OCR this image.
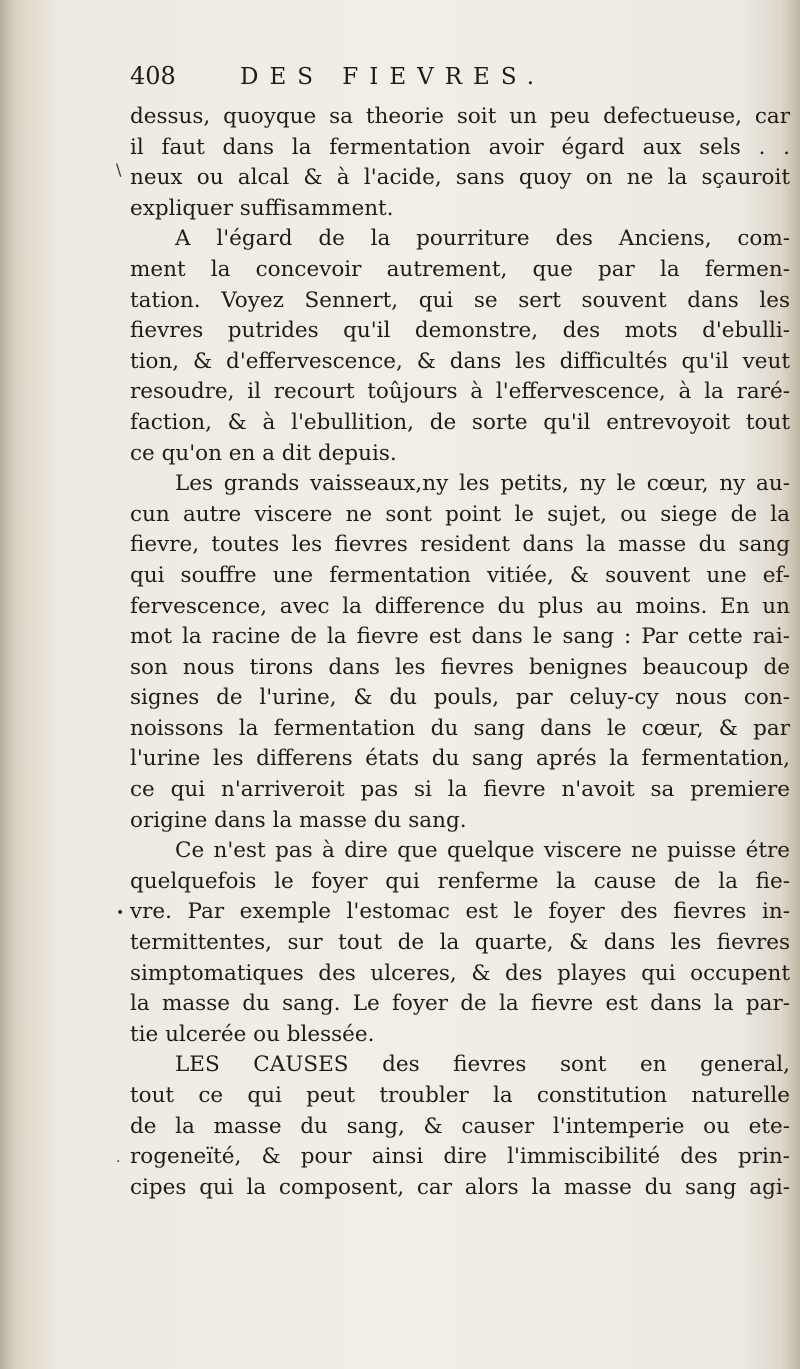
408	DES FIEVRES.
dessus, quoyque sa theorie soit un peu defectueuse, car
il faut dans la fermentation avoir égard aux sels . .
neux ou alcal & à l'acide, sans quoy on ne la sçauroit
expliquer suffisamment.
A l'égard de la pourriture des Anciens, com-
ment la concevoir autrement, que par la fermen-
tation. Voyez Sennert, qui se sert souvent dans les
fievres putrides qu'il demonstre, des mots d'ebulli-
tion, & d'effervescence, & dans les difficultés qu'il veut
resoudre, il recourt toûjours à l'effervescence, à la raré-
faction, & à l'ebullition, de sorte qu'il entrevoyoit tout
ce qu'on en a dit depuis.
Les grands vaisseaux,ny les petits, ny le cœur, ny au-
cun autre viscere ne sont point le sujet, ou siege de la
fievre, toutes les fievres resident dans la masse du sang
qui souffre une fermentation vitiée, & souvent une ef-
fervescence, avec la difference du plus au moins. En un
mot la racine de la fievre est dans le sang : Par cette rai-
son nous tirons dans les fievres benignes beaucoup de
signes de l'urine, & du pouls, par celuy-cy nous con-
noissons la fermentation du sang dans le cœur, & par
l'urine les differens états du sang aprés la fermentation,
ce qui n'arriveroit pas si la fievre n'avoit sa premiere
origine dans la masse du sang.
Ce n'est pas à dire que quelque viscere ne puisse étre
quelquefois le foyer qui renferme la cause de la fie-
vre. Par exemple l'estomac est le foyer des fievres in-
termittentes, sur tout de la quarte, & dans les fievres
simptomatiques des ulceres, & des playes qui occupent
la masse du sang. Le foyer de la fievre est dans la par-
tie ulcerée ou blessée.
LES CAUSES des fievres sont en general,
tout ce qui peut troubler la constitution naturelle
de la masse du sang, & causer l'intemperie ou ete-
rogeneïté, & pour ainsi dire l'immiscibilité des prin-
cipes qui la composent, car alors la masse du sang agi-
\
•
.
